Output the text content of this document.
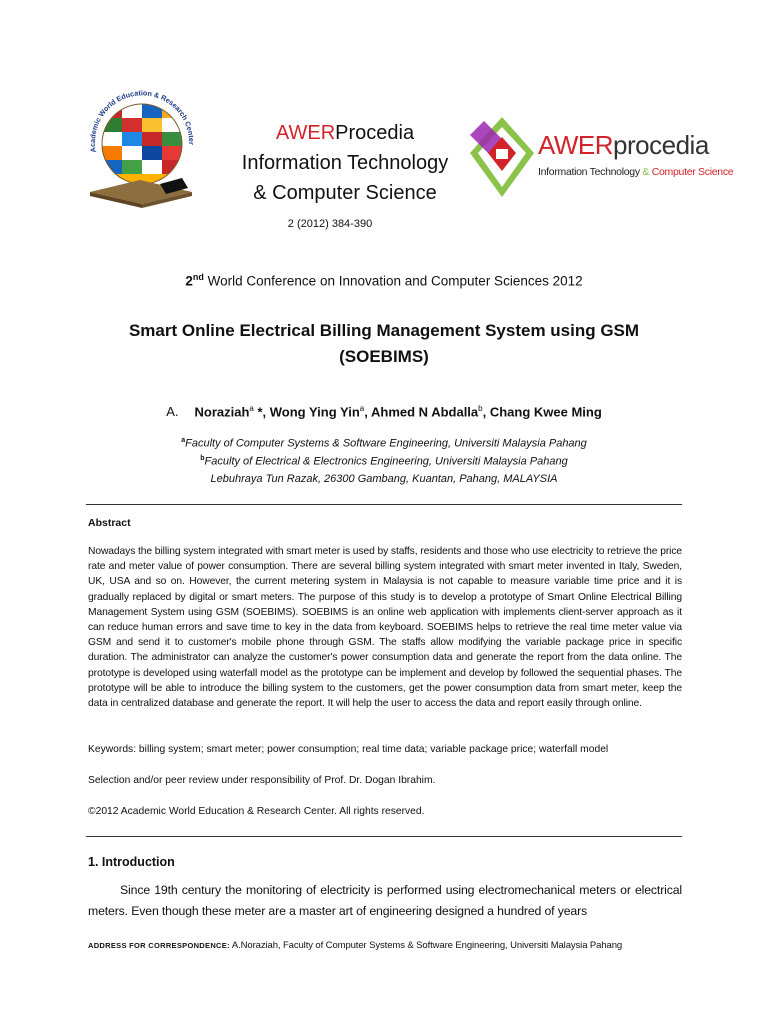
Academic World Education & Research Center	AWERProcedia
Information Technology
& Computer Science
AWERprocedia
Information Technology & Computer Science
2 (2012) 384-390
2nd World Conference on Innovation and Computer Sciences 2012
Smart Online Electrical Billing Management System using GSM
(SOEBIMS)
A. Noraziah$^a$ *, Wong Ying Yin$^a$, Ahmed N Abdalla$^b$, Chang Kwee Ming
$^a$Faculty of Computer Systems & Software Engineering, Universiti Malaysia Pahang
$^b$Faculty of Electrical & Electronics Engineering, Universiti Malaysia Pahang
Lebuhraya Tun Razak, 26300 Gambang, Kuantan, Pahang, MALAYSIA
Abstract
Nowadays the billing system integrated with smart meter is used by staffs, residents and those who use electricity to retrieve the price rate and meter value of power consumption. There are several billing system integrated with smart meter invented in Italy, Sweden, UK, USA and so on. However, the current metering system in Malaysia is not capable to measure variable time price and it is gradually replaced by digital or smart meters. The purpose of this study is to develop a prototype of Smart Online Electrical Billing Management System using GSM (SOEBIMS). SOEBIMS is an online web application with implements client-server approach as it can reduce human errors and save time to key in the data from keyboard. SOEBIMS helps to retrieve the real time meter value via GSM and send it to customer's mobile phone through GSM. The staffs allow modifying the variable package price in specific duration. The administrator can analyze the customer's power consumption data and generate the report from the data online. The prototype is developed using waterfall model as the prototype can be implement and develop by followed the sequential phases. The prototype will be able to introduce the billing system to the customers, get the power consumption data from smart meter, keep the data in centralized database and generate the report. It will help the user to access the data and report easily through online.
Keywords: billing system; smart meter; power consumption; real time data; variable package price; waterfall model
Selection and/or peer review under responsibility of Prof. Dr. Dogan Ibrahim.
©2012 Academic World Education & Research Center. All rights reserved.
1. Introduction
Since 19th century the monitoring of electricity is performed using electromechanical meters or electrical meters. Even though these meter are a master art of engineering designed a hundred of years
ADDRESS FOR CORRESPONDENCE: A.Noraziah, Faculty of Computer Systems & Software Engineering, Universiti Malaysia Pahang
